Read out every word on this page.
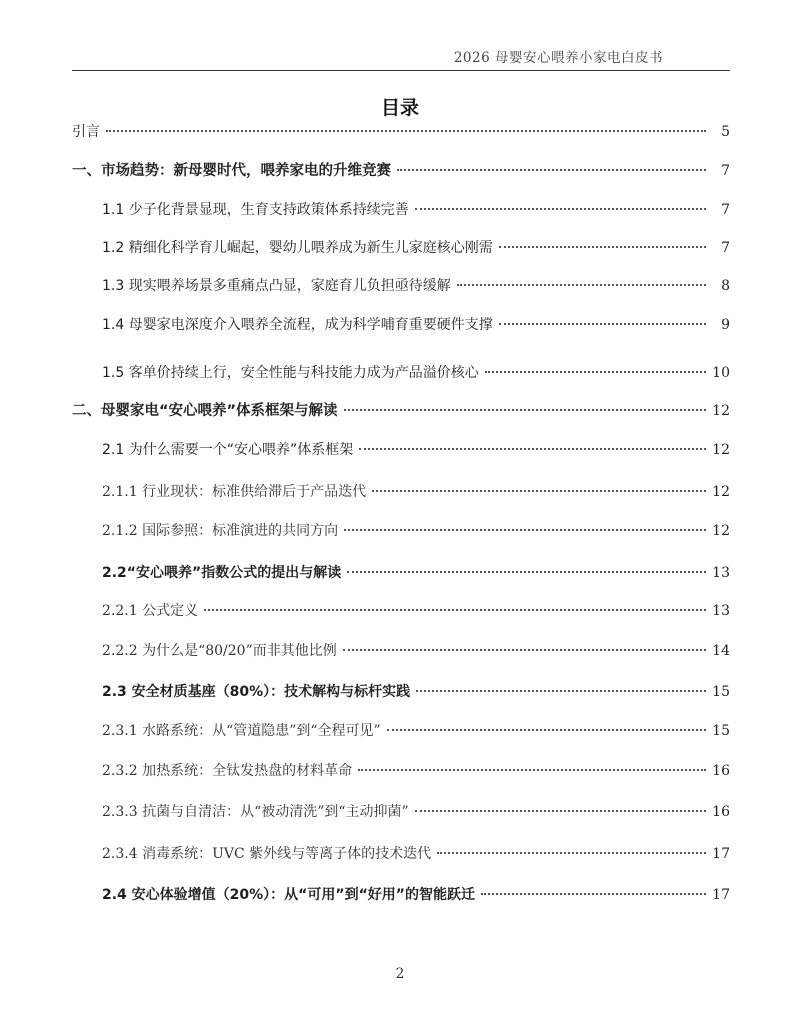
2026 母婴安心喂养小家电白皮书
目录
引言	5
一、市场趋势：新母婴时代，喂养家电的升维竞赛	7
1.1 少子化背景显现，生育支持政策体系持续完善	7
1.2 精细化科学育儿崛起，婴幼儿喂养成为新生儿家庭核心刚需	7
1.3 现实喂养场景多重痛点凸显，家庭育儿负担亟待缓解	8
1.4 母婴家电深度介入喂养全流程，成为科学哺育重要硬件支撑	9
1.5 客单价持续上行，安全性能与科技能力成为产品溢价核心	10
二、母婴家电“安心喂养”体系框架与解读	12
2.1 为什么需要一个“安心喂养”体系框架	12
2.1.1 行业现状：标准供给滞后于产品迭代	12
2.1.2 国际参照：标准演进的共同方向	12
2.2“安心喂养”指数公式的提出与解读	13
2.2.1 公式定义	13
2.2.2 为什么是“80/20”而非其他比例	14
2.3 安全材质基座（80%）：技术解构与标杆实践	15
2.3.1 水路系统：从“管道隐患”到“全程可见”	15
2.3.2 加热系统：全钛发热盘的材料革命	16
2.3.3 抗菌与自清洁：从“被动清洗”到“主动抑菌”	16
2.3.4 消毒系统：UVC 紫外线与等离子体的技术迭代	17
2.4 安心体验增值（20%）：从“可用”到“好用”的智能跃迁	17
2
